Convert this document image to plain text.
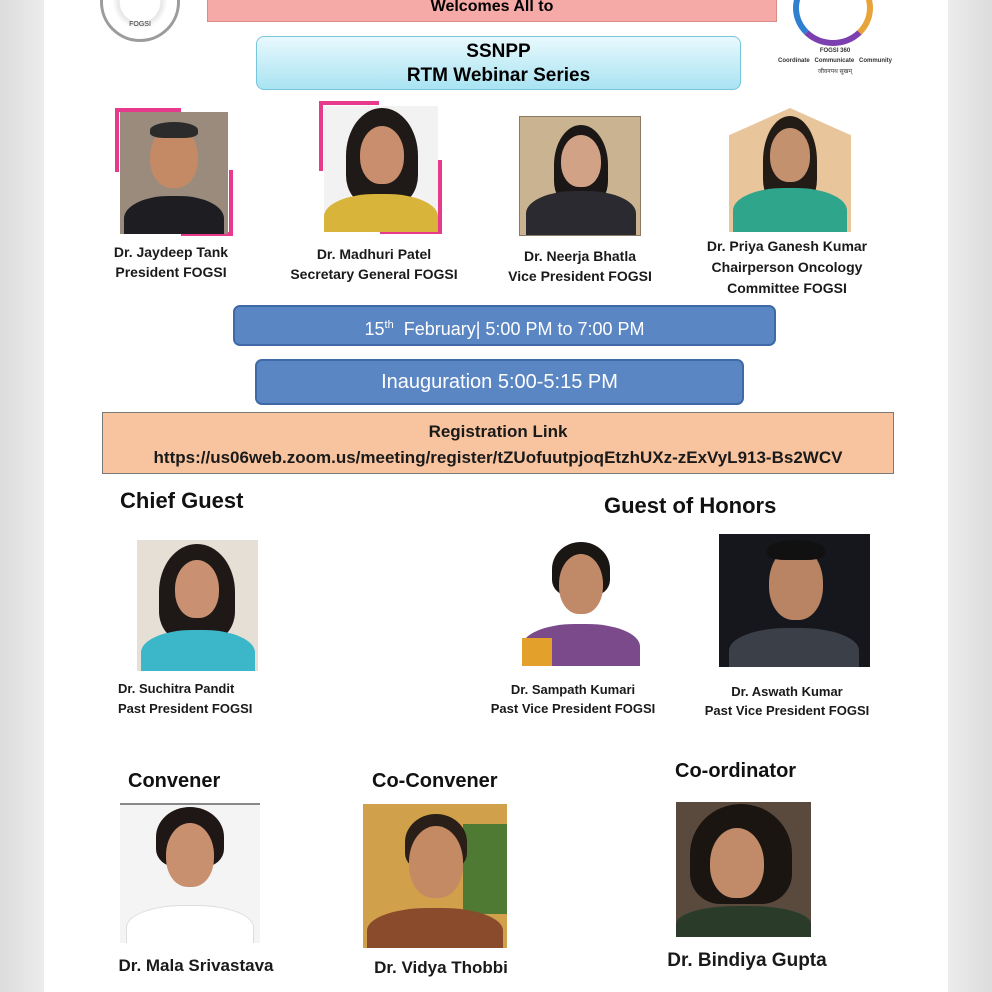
FOGSI
Welcomes All to
SSNPP
RTM Webinar Series
FOGSI 360
Coordinate Communicate Community
जीवनपथ सुखम्
Dr. Jaydeep Tank
President FOGSI
Dr. Madhuri Patel
Secretary General FOGSI
Dr. Neerja Bhatla
Vice President FOGSI
Dr. Priya Ganesh Kumar
Chairperson Oncology
Committee FOGSI
15th February| 5:00 PM to 7:00 PM
Inauguration 5:00-5:15 PM
Registration Link
https://us06web.zoom.us/meeting/register/tZUofuutpjoqEtzhUXz-zExVyL913-Bs2WCV
Chief Guest
Dr. Suchitra Pandit
Past President FOGSI
Guest of Honors
Dr. Sampath Kumari
Past Vice President FOGSI
Dr. Aswath Kumar
Past Vice President FOGSI
Convener
Dr. Mala Srivastava
Co-Convener
Dr. Vidya Thobbi
Co-ordinator
Dr. Bindiya Gupta
